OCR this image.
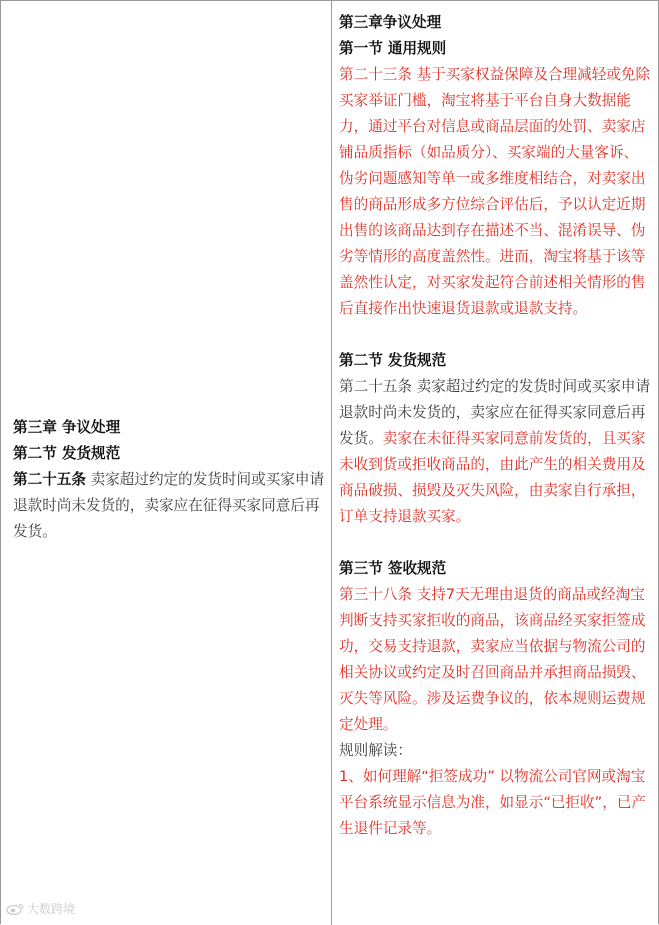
第三章 争议处理

第二节 发货规范

第二十五条 卖家超过约定的发货时间或买家申请退款时尚未发货的，卖家应在征得买家同意后再发货。

第三章争议处理

第一节 通用规则

第二十三条 基于买家权益保障及合理减轻或免除买家举证门槛，淘宝将基于平台自身大数据能力，通过平台对信息或商品层面的处罚、卖家店铺品质指标（如品质分）、买家端的大量客诉、伪劣问题感知等单一或多维度相结合，对卖家出售的商品形成多方位综合评估后，予以认定近期出售的该商品达到存在描述不当、混淆误导、伪劣等情形的高度盖然性。进而，淘宝将基于该等盖然性认定，对买家发起符合前述相关情形的售后直接作出快速退货退款或退款支持。

第二节 发货规范

第二十五条 卖家超过约定的发货时间或买家申请退款时尚未发货的，卖家应在征得买家同意后再发货。卖家在未征得买家同意前发货的，且买家未收到货或拒收商品的，由此产生的相关费用及商品破损、损毁及灭失风险，由卖家自行承担，订单支持退款买家。

第三节 签收规范

第三十八条 支持7天无理由退货的商品或经淘宝判断支持买家拒收的商品，该商品经买家拒签成功，交易支持退款，卖家应当依据与物流公司的相关协议或约定及时召回商品并承担商品损毁、灭失等风险。涉及运费争议的，依本规则运费规定处理。

规则解读：

1、如何理解“拒签成功” 以物流公司官网或淘宝平台系统显示信息为准，如显示“已拒收”，已产生退件记录等。

大数跨境
